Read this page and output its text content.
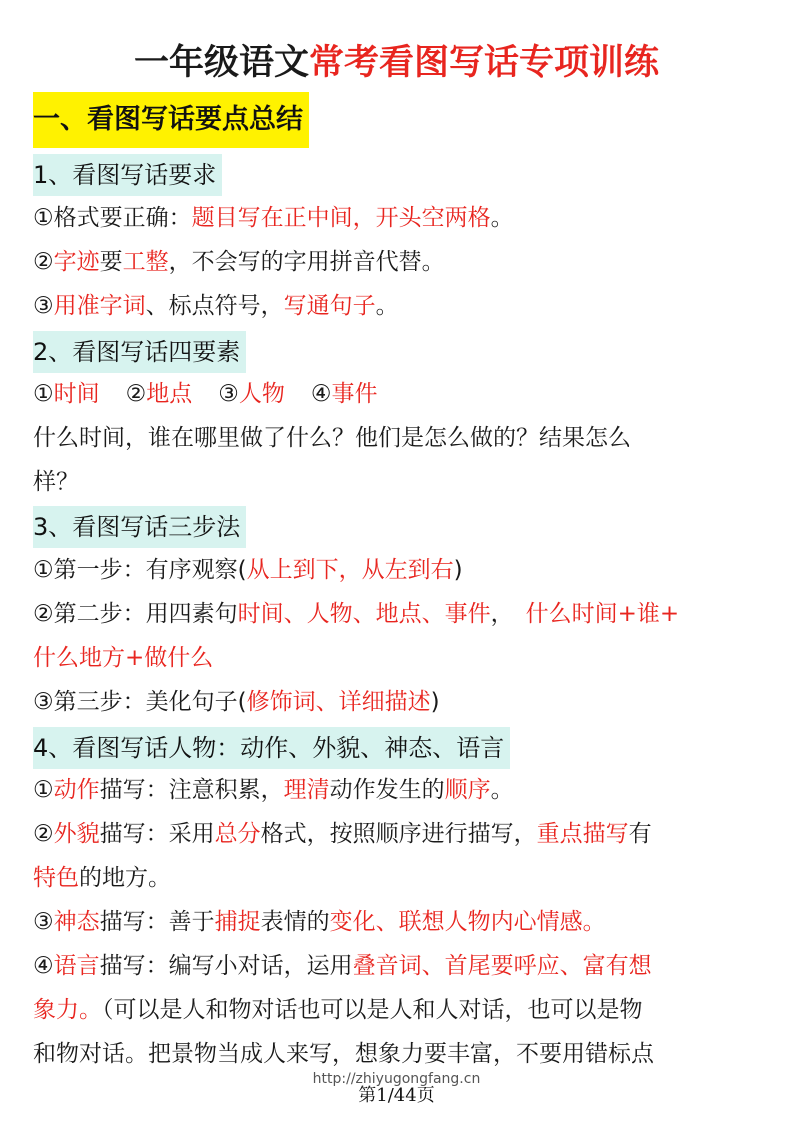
一年级语文常考看图写话专项训练
一、看图写话要点总结
1、看图写话要求
①格式要正确：题目写在正中间，开头空两格。
②字迹要工整，不会写的字用拼音代替。
③用准字词、标点符号，写通句子。
2、看图写话四要素
①时间 ②地点 ③人物 ④事件
什么时间，谁在哪里做了什么？他们是怎么做的？结果怎么
样？
3、看图写话三步法
①第一步：有序观察(从上到下，从左到右)
②第二步：用四素句时间、人物、地点、事件， 什么时间+谁+
什么地方+做什么
③第三步：美化句子(修饰词、详细描述)
4、看图写话人物：动作、外貌、神态、语言
①动作描写：注意积累，理清动作发生的顺序。
②外貌描写：采用总分格式，按照顺序进行描写，重点描写有
特色的地方。
③神态描写：善于捕捉表情的变化、联想人物内心情感。
④语言描写：编写小对话，运用叠音词、首尾要呼应、富有想
象力。（可以是人和物对话也可以是人和人对话，也可以是物
和物对话。把景物当成人来写，想象力要丰富，不要用错标点
http://zhiyugongfang.cn
第1/44页
